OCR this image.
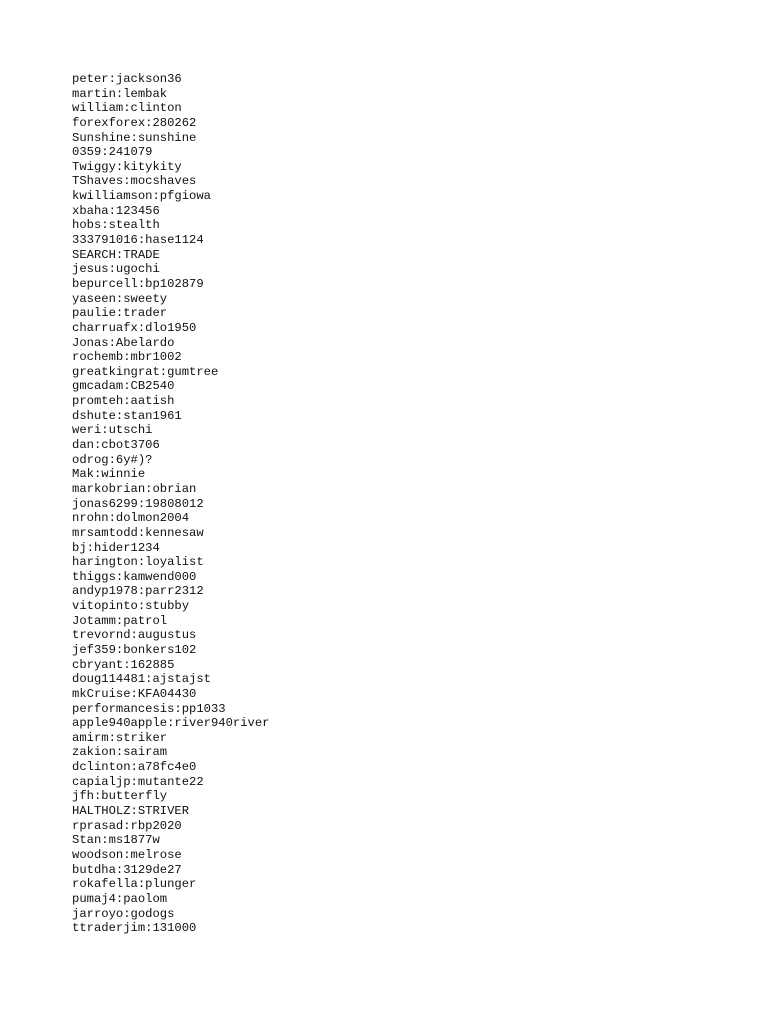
peter:jackson36
martin:lembak
william:clinton
forexforex:280262
Sunshine:sunshine
0359:241079
Twiggy:kitykity
TShaves:mocshaves
kwilliamson:pfgiowa
xbaha:123456
hobs:stealth
333791016:hase1124
SEARCH:TRADE
jesus:ugochi
bepurcell:bp102879
yaseen:sweety
paulie:trader
charruafx:dlo1950
Jonas:Abelardo
rochemb:mbr1002
greatkingrat:gumtree
gmcadam:CB2540
promteh:aatish
dshute:stan1961
weri:utschi
dan:cbot3706
odrog:6y#)?
Mak:winnie
markobrian:obrian
jonas6299:19808012
nrohn:dolmon2004
mrsamtodd:kennesaw
bj:hider1234
harington:loyalist
thiggs:kamwend000
andyp1978:parr2312
vitopinto:stubby
Jotamm:patrol
trevornd:augustus
jef359:bonkers102
cbryant:162885
doug114481:ajstajst
mkCruise:KFA04430
performancesis:pp1033
apple940apple:river940river
amirm:striker
zakion:sairam
dclinton:a78fc4e0
capialjp:mutante22
jfh:butterfly
HALTHOLZ:STRIVER
rprasad:rbp2020
Stan:ms1877w
woodson:melrose
butdha:3129de27
rokafella:plunger
pumaj4:paolom
jarroyo:godogs
ttraderjim:131000
